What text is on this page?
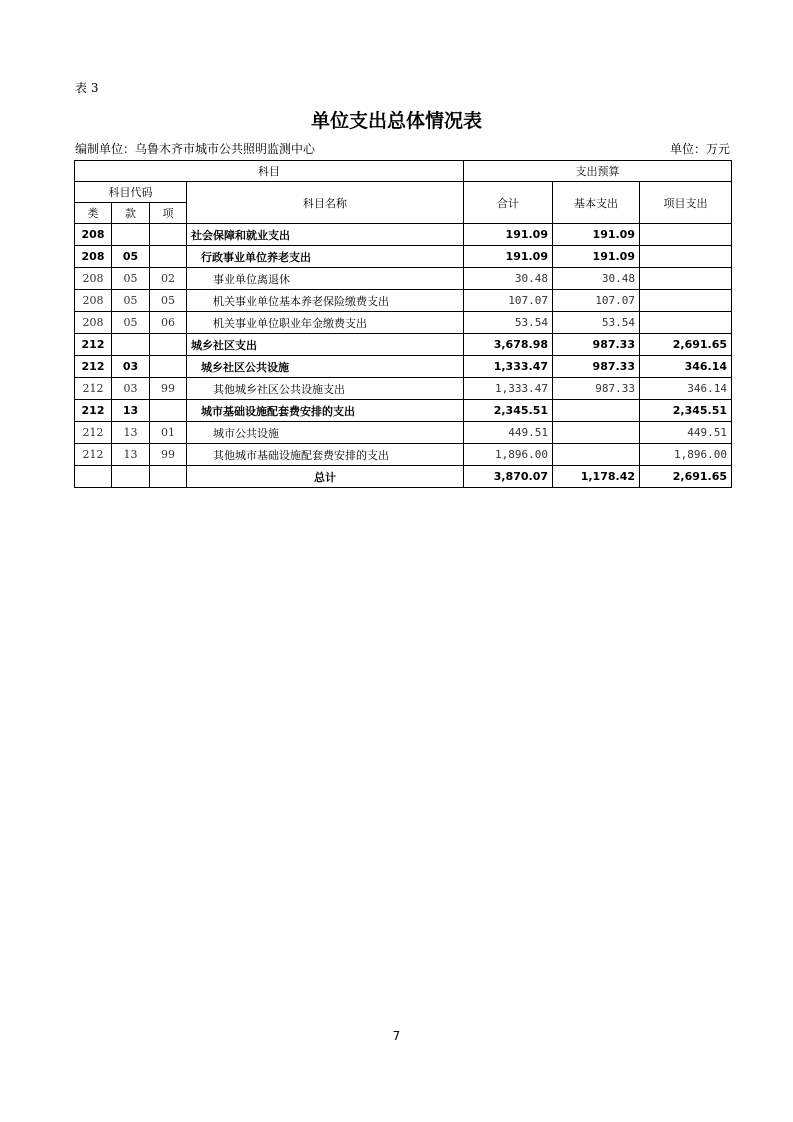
表 3
单位支出总体情况表
编制单位：乌鲁木齐市城市公共照明监测中心	单位：万元
科目				支出预算		
科目代码			科目名称	合计	基本支出	项目支出
类	款	项				
208			社会保障和就业支出	191.09	191.09	
208	05		行政事业单位养老支出	191.09	191.09	
208	05	02	事业单位离退休	30.48	30.48	
208	05	05	机关事业单位基本养老保险缴费支出	107.07	107.07	
208	05	06	机关事业单位职业年金缴费支出	53.54	53.54	
212			城乡社区支出	3,678.98	987.33	2,691.65
212	03		城乡社区公共设施	1,333.47	987.33	346.14
212	03	99	其他城乡社区公共设施支出	1,333.47	987.33	346.14
212	13		城市基础设施配套费安排的支出	2,345.51		2,345.51
212	13	01	城市公共设施	449.51		449.51
212	13	99	其他城市基础设施配套费安排的支出	1,896.00		1,896.00
			总计	3,870.07	1,178.42	2,691.65
7
